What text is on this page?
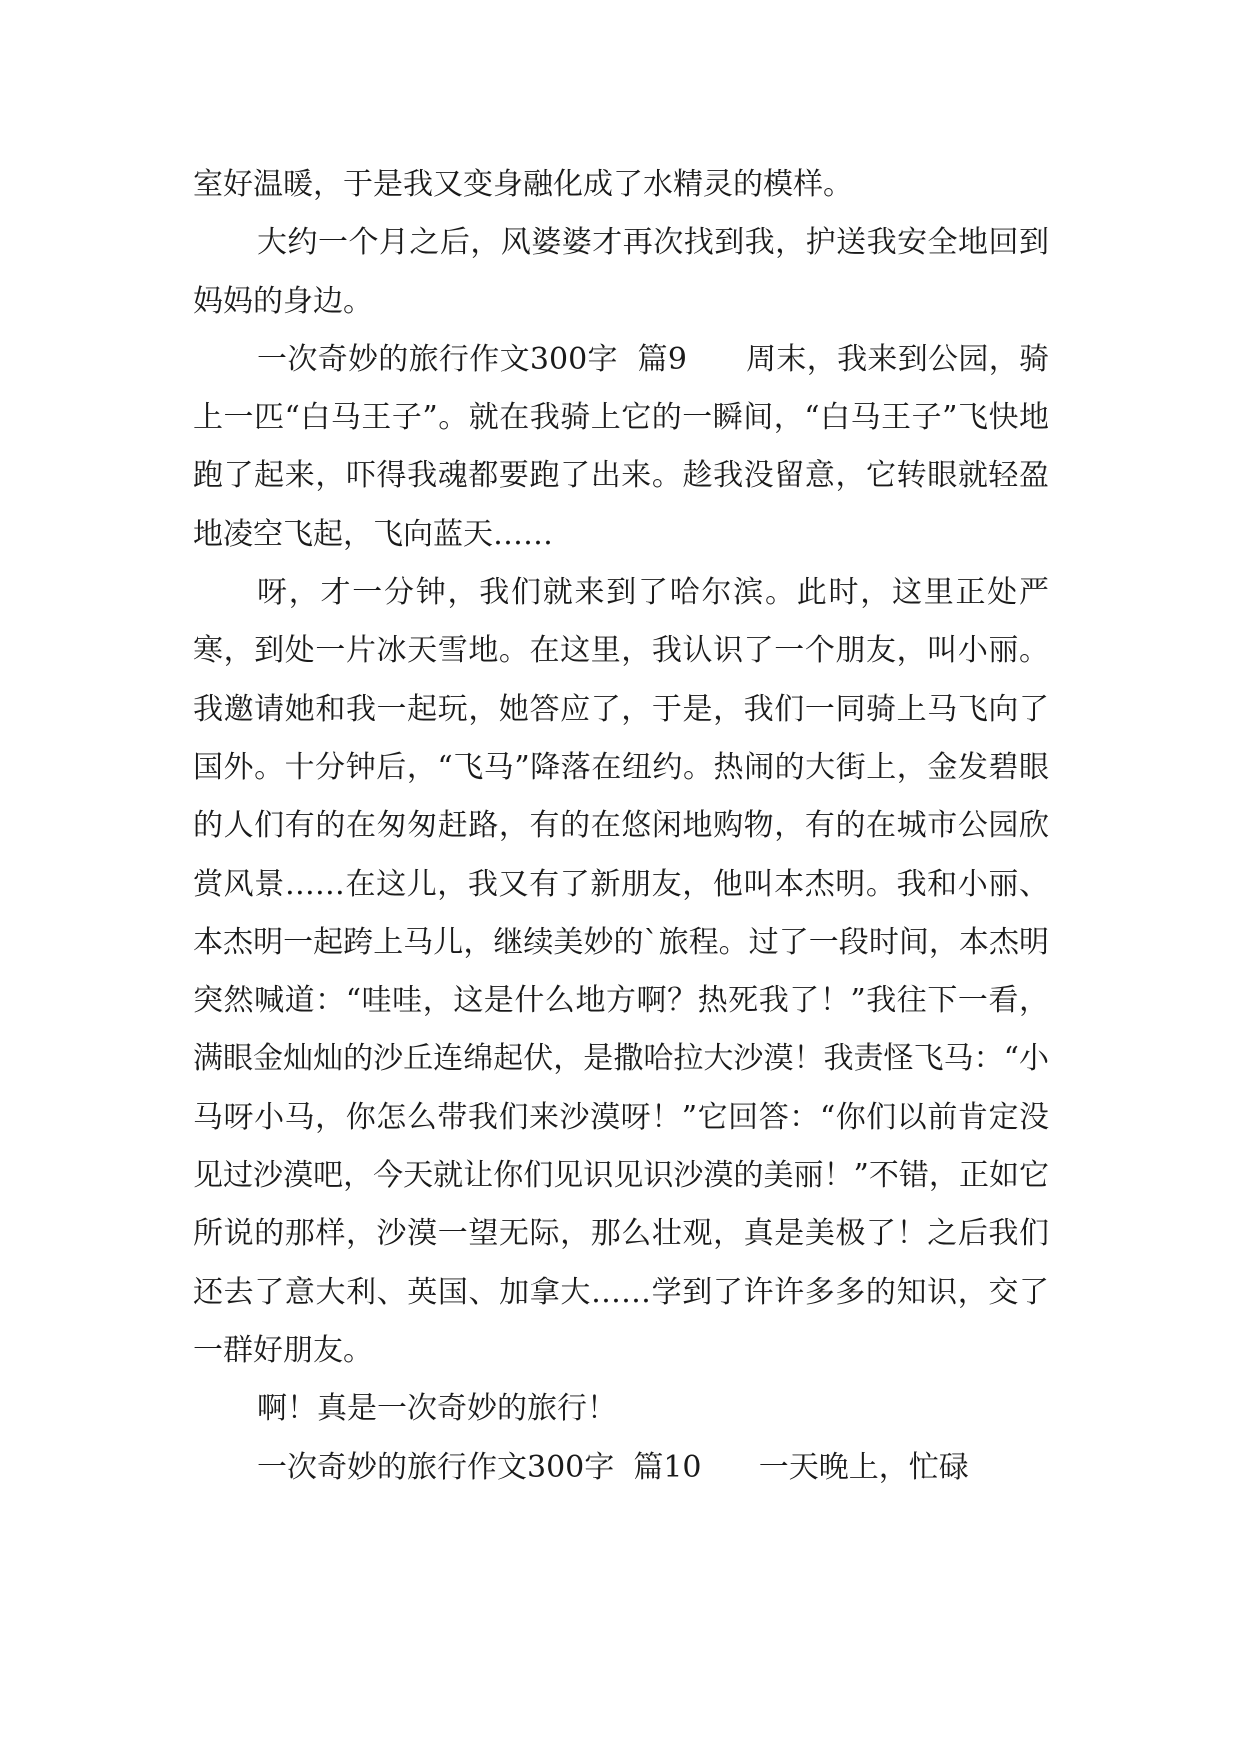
室好温暖，于是我又变身融化成了水精灵的模样。

大约一个月之后，风婆婆才再次找到我，护送我安全地回到妈妈的身边。

一次奇妙的旅行作文300字  篇9 周末，我来到公园，骑上一匹“白马王子”。就在我骑上它的一瞬间，“白马王子”飞快地跑了起来，吓得我魂都要跑了出来。趁我没留意，它转眼就轻盈地凌空飞起，飞向蓝天……

呀，才一分钟，我们就来到了哈尔滨。此时，这里正处严寒，到处一片冰天雪地。在这里，我认识了一个朋友，叫小丽。我邀请她和我一起玩，她答应了，于是，我们一同骑上马飞向了国外。十分钟后，“飞马”降落在纽约。热闹的大街上，金发碧眼的人们有的在匆匆赶路，有的在悠闲地购物，有的在城市公园欣赏风景……在这儿，我又有了新朋友，他叫本杰明。我和小丽、本杰明一起跨上马儿，继续美妙的`旅程。过了一段时间，本杰明突然喊道：“哇哇，这是什么地方啊？热死我了！”我往下一看，满眼金灿灿的沙丘连绵起伏，是撒哈拉大沙漠！我责怪飞马：“小马呀小马，你怎么带我们来沙漠呀！”它回答：“你们以前肯定没见过沙漠吧，今天就让你们见识见识沙漠的美丽！”不错，正如它所说的那样，沙漠一望无际，那么壮观，真是美极了！之后我们还去了意大利、英国、加拿大……学到了许许多多的知识，交了一群好朋友。

啊！真是一次奇妙的旅行！

一次奇妙的旅行作文300字  篇10 一天晚上，忙碌
